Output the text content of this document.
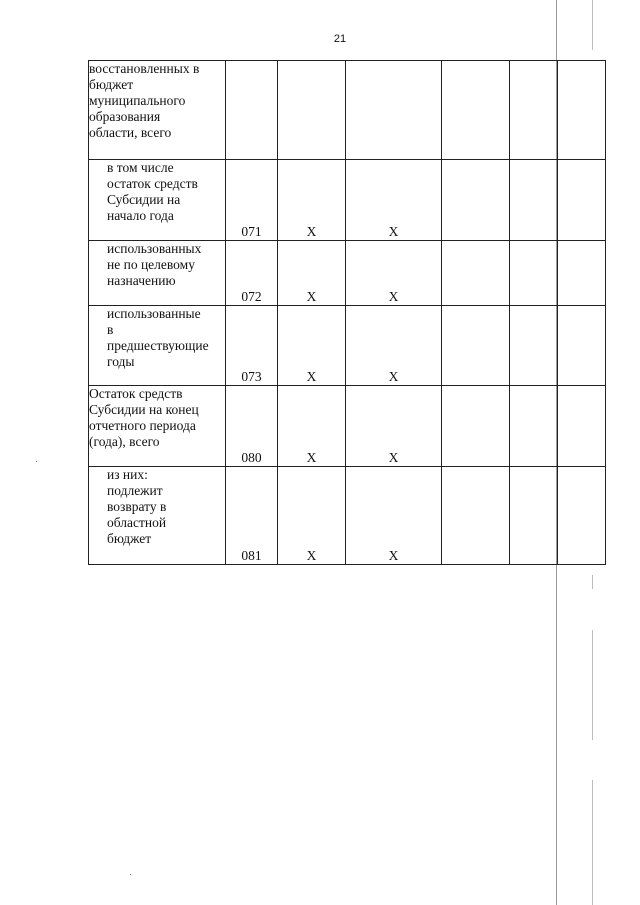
21
восстановленных в
бюджет
муниципального
образования
области, всего						

в том числе
остаток средств
Субсидии на
начало года	071	X	X			

использованных
не по целевому
назначению	072	X	X			

использованные
в
предшествующие
годы	073	X	X			

Остаток средств
Субсидии на конец
отчетного периода
(года), всего	080	X	X			

из них:
подлежит
возврату в
областной
бюджет	081	X	X			
